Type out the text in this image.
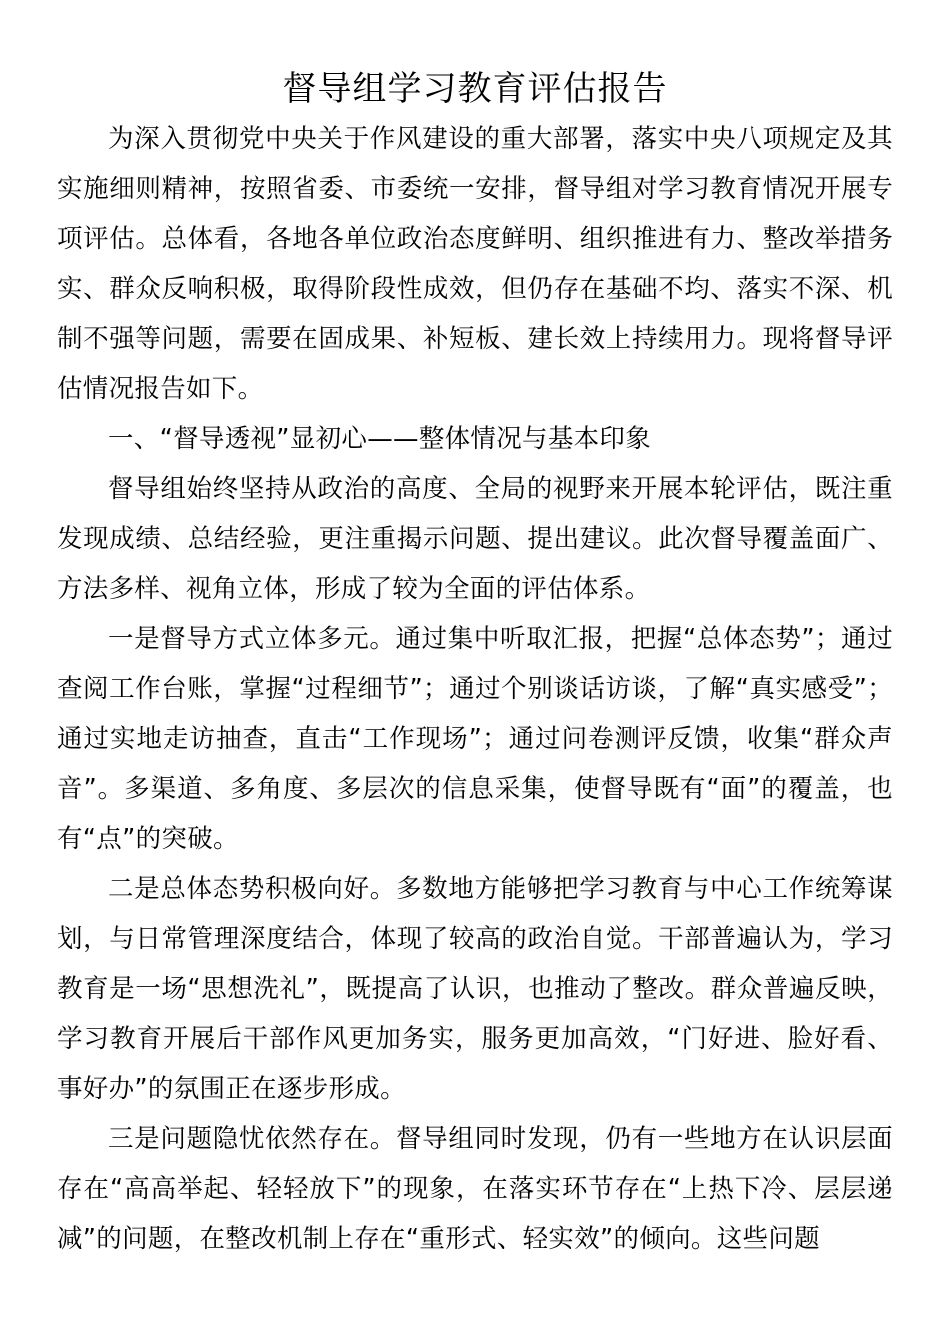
督导组学习教育评估报告

为深入贯彻党中央关于作风建设的重大部署，落实中央八项规定及其实施细则精神，按照省委、市委统一安排，督导组对学习教育情况开展专项评估。总体看，各地各单位政治态度鲜明、组织推进有力、整改举措务实、群众反响积极，取得阶段性成效，但仍存在基础不均、落实不深、机制不强等问题，需要在固成果、补短板、建长效上持续用力。现将督导评估情况报告如下。

一、“督导透视”显初心——整体情况与基本印象

督导组始终坚持从政治的高度、全局的视野来开展本轮评估，既注重发现成绩、总结经验，更注重揭示问题、提出建议。此次督导覆盖面广、方法多样、视角立体，形成了较为全面的评估体系。

一是督导方式立体多元。通过集中听取汇报，把握“总体态势”；通过查阅工作台账，掌握“过程细节”；通过个别谈话访谈，了解“真实感受”；通过实地走访抽查，直击“工作现场”；通过问卷测评反馈，收集“群众声音”。多渠道、多角度、多层次的信息采集，使督导既有“面”的覆盖，也有“点”的突破。

二是总体态势积极向好。多数地方能够把学习教育与中心工作统筹谋划，与日常管理深度结合，体现了较高的政治自觉。干部普遍认为，学习教育是一场“思想洗礼”，既提高了认识，也推动了整改。群众普遍反映，学习教育开展后干部作风更加务实，服务更加高效，“门好进、脸好看、事好办”的氛围正在逐步形成。

三是问题隐忧依然存在。督导组同时发现，仍有一些地方在认识层面存在“高高举起、轻轻放下”的现象，在落实环节存在“上热下冷、层层递减”的问题，在整改机制上存在“重形式、轻实效”的倾向。这些问题
